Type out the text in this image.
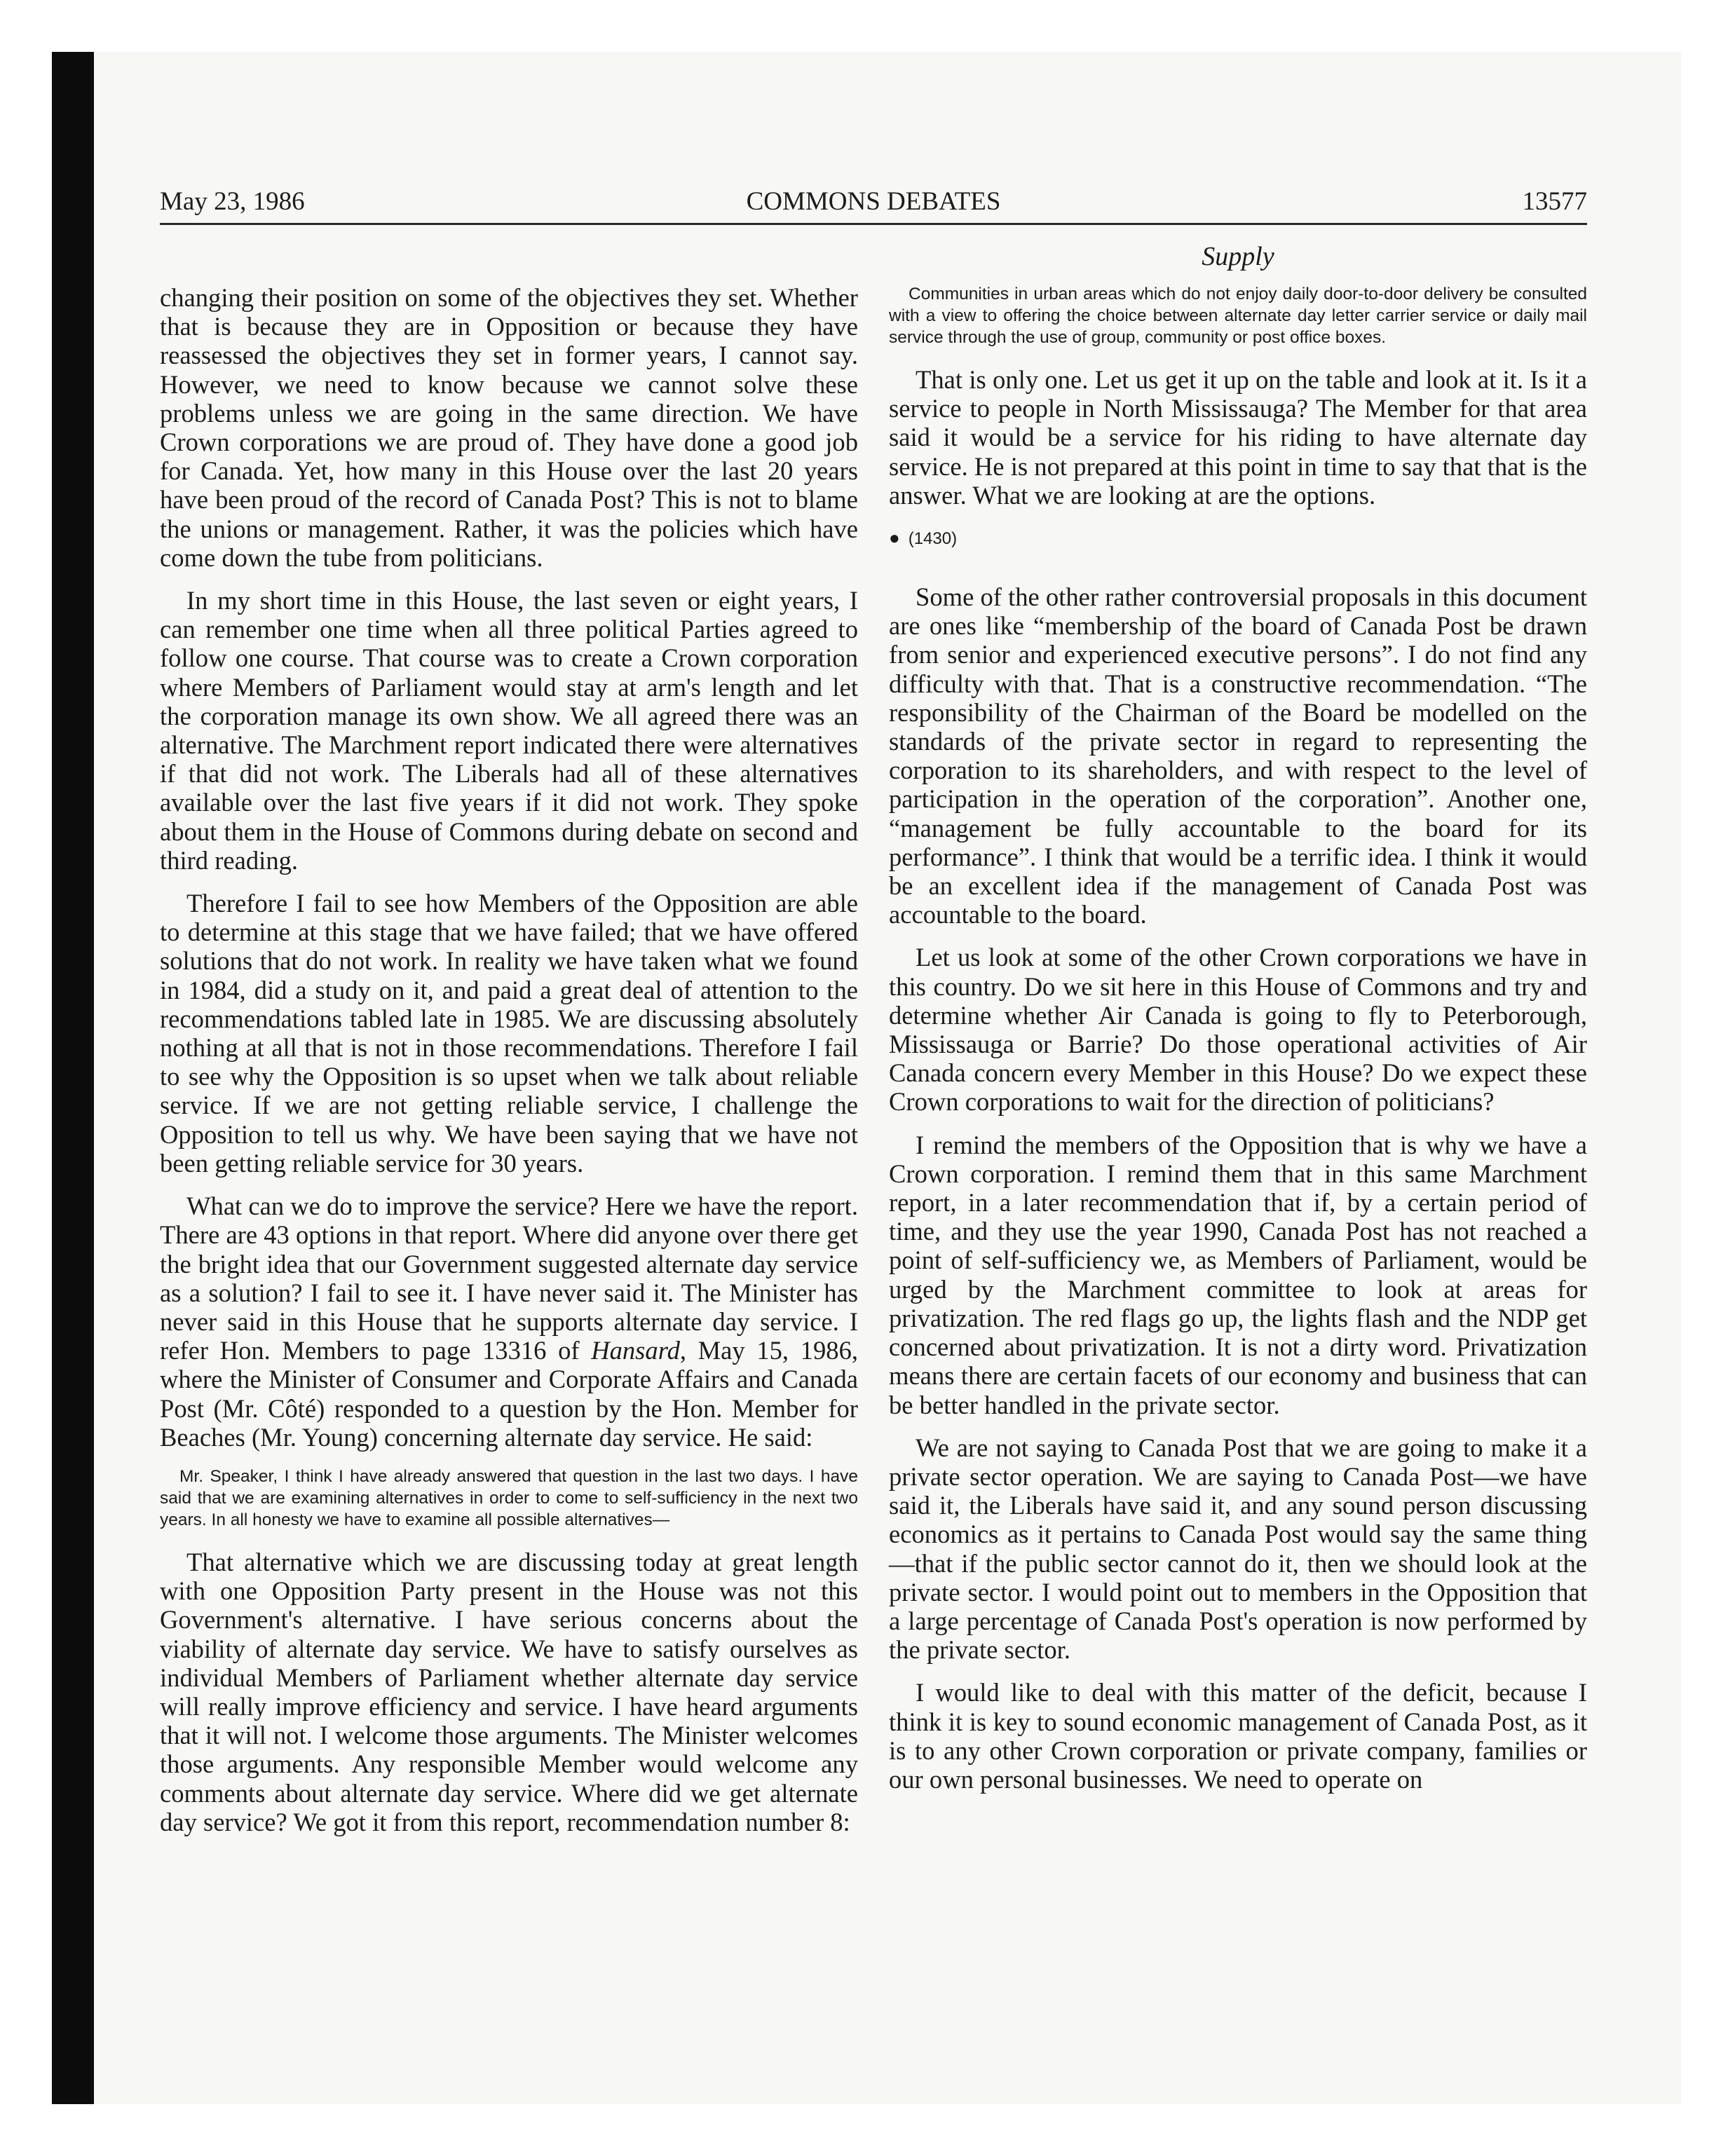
May 23, 1986	COMMONS DEBATES	13577
Supply

changing their position on some of the objectives they set. Whether that is because they are in Opposition or because they have reassessed the objectives they set in former years, I cannot say. However, we need to know because we cannot solve these problems unless we are going in the same direction. We have Crown corporations we are proud of. They have done a good job for Canada. Yet, how many in this House over the last 20 years have been proud of the record of Canada Post? This is not to blame the unions or management. Rather, it was the policies which have come down the tube from politicians.

In my short time in this House, the last seven or eight years, I can remember one time when all three political Parties agreed to follow one course. That course was to create a Crown corporation where Members of Parliament would stay at arm's length and let the corporation manage its own show. We all agreed there was an alternative. The Marchment report indicated there were alternatives if that did not work. The Liberals had all of these alternatives available over the last five years if it did not work. They spoke about them in the House of Commons during debate on second and third reading.

Therefore I fail to see how Members of the Opposition are able to determine at this stage that we have failed; that we have offered solutions that do not work. In reality we have taken what we found in 1984, did a study on it, and paid a great deal of attention to the recommendations tabled late in 1985. We are discussing absolutely nothing at all that is not in those recommendations. Therefore I fail to see why the Opposition is so upset when we talk about reliable service. If we are not getting reliable service, I challenge the Opposition to tell us why. We have been saying that we have not been getting reliable service for 30 years.

What can we do to improve the service? Here we have the report. There are 43 options in that report. Where did anyone over there get the bright idea that our Government suggested alternate day service as a solution? I fail to see it. I have never said it. The Minister has never said in this House that he supports alternate day service. I refer Hon. Members to page 13316 of Hansard, May 15, 1986, where the Minister of Consumer and Corporate Affairs and Canada Post (Mr. Côté) responded to a question by the Hon. Member for Beaches (Mr. Young) concerning alternate day service. He said:

Mr. Speaker, I think I have already answered that question in the last two days. I have said that we are examining alternatives in order to come to self-sufficiency in the next two years. In all honesty we have to examine all possible alternatives—

That alternative which we are discussing today at great length with one Opposition Party present in the House was not this Government's alternative. I have serious concerns about the viability of alternate day service. We have to satisfy ourselves as individual Members of Parliament whether alternate day service will really improve efficiency and service. I have heard arguments that it will not. I welcome those arguments. The Minister welcomes those arguments. Any responsible Member would welcome any comments about alternate day service. Where did we get alternate day service? We got it from this report, recommendation number 8:

Communities in urban areas which do not enjoy daily door-to-door delivery be consulted with a view to offering the choice between alternate day letter carrier service or daily mail service through the use of group, community or post office boxes.

That is only one. Let us get it up on the table and look at it. Is it a service to people in North Mississauga? The Member for that area said it would be a service for his riding to have alternate day service. He is not prepared at this point in time to say that that is the answer. What we are looking at are the options.

● (1430)

Some of the other rather controversial proposals in this document are ones like “membership of the board of Canada Post be drawn from senior and experienced executive persons”. I do not find any difficulty with that. That is a constructive recommendation. “The responsibility of the Chairman of the Board be modelled on the standards of the private sector in regard to representing the corporation to its shareholders, and with respect to the level of participation in the operation of the corporation”. Another one, “management be fully accountable to the board for its performance”. I think that would be a terrific idea. I think it would be an excellent idea if the management of Canada Post was accountable to the board.

Let us look at some of the other Crown corporations we have in this country. Do we sit here in this House of Commons and try and determine whether Air Canada is going to fly to Peterborough, Mississauga or Barrie? Do those operational activities of Air Canada concern every Member in this House? Do we expect these Crown corporations to wait for the direction of politicians?

I remind the members of the Opposition that is why we have a Crown corporation. I remind them that in this same Marchment report, in a later recommendation that if, by a certain period of time, and they use the year 1990, Canada Post has not reached a point of self-sufficiency we, as Members of Parliament, would be urged by the Marchment committee to look at areas for privatization. The red flags go up, the lights flash and the NDP get concerned about privatization. It is not a dirty word. Privatization means there are certain facets of our economy and business that can be better handled in the private sector.

We are not saying to Canada Post that we are going to make it a private sector operation. We are saying to Canada Post—we have said it, the Liberals have said it, and any sound person discussing economics as it pertains to Canada Post would say the same thing—that if the public sector cannot do it, then we should look at the private sector. I would point out to members in the Opposition that a large percentage of Canada Post's operation is now performed by the private sector.

I would like to deal with this matter of the deficit, because I think it is key to sound economic management of Canada Post, as it is to any other Crown corporation or private company, families or our own personal businesses. We need to operate on
